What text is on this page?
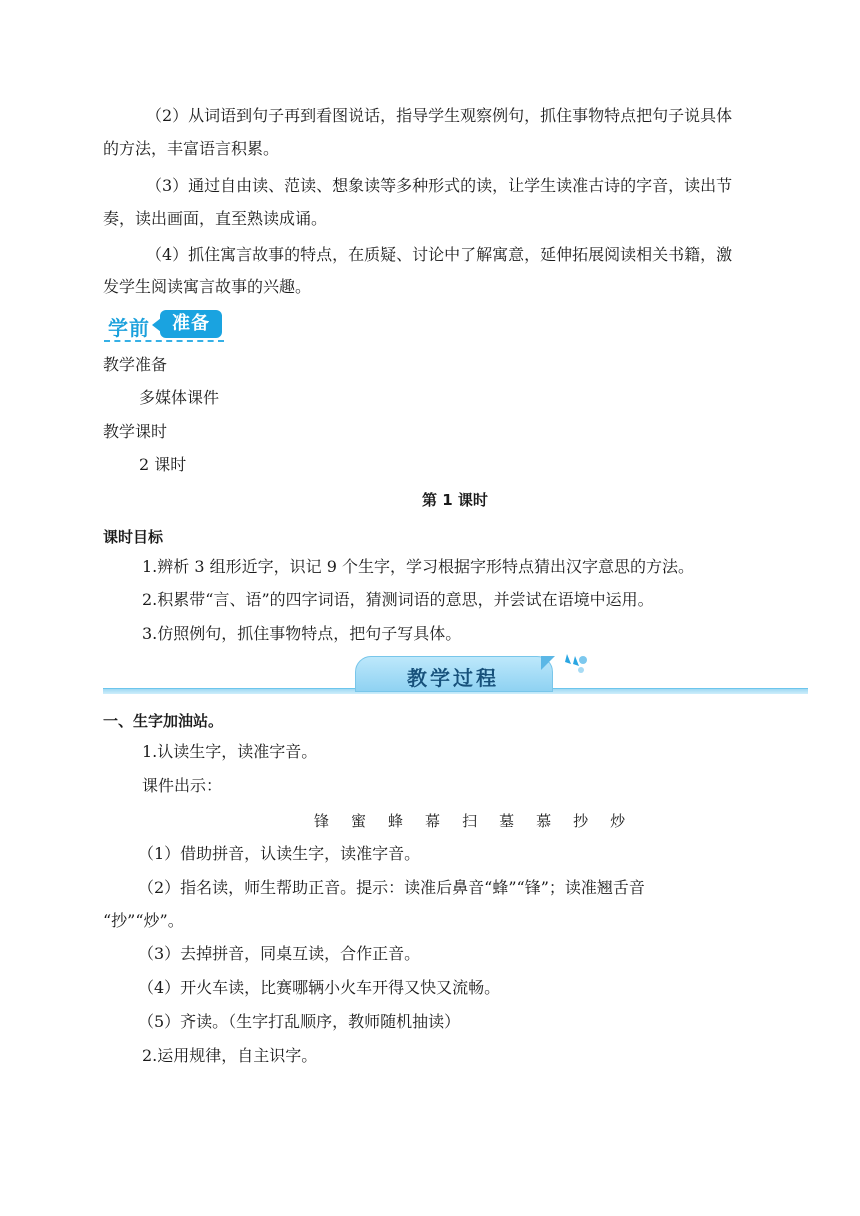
（2）从词语到句子再到看图说话，指导学生观察例句，抓住事物特点把句子说具体
的方法，丰富语言积累。
（3）通过自由读、范读、想象读等多种形式的读，让学生读准古诗的字音，读出节
奏，读出画面，直至熟读成诵。
（4）抓住寓言故事的特点，在质疑、讨论中了解寓意，延伸拓展阅读相关书籍，激
发学生阅读寓言故事的兴趣。
学前	准备
教学准备
多媒体课件
教学课时
2 课时
第 1 课时
课时目标
1.辨析 3 组形近字，识记 9 个生字，学习根据字形特点猜出汉字意思的方法。
2.积累带“言、语”的四字词语，猜测词语的意思，并尝试在语境中运用。
3.仿照例句，抓住事物特点，把句子写具体。
教学过程
一、生字加油站。
1.认读生字，读准字音。
课件出示：
锋 蜜 蜂 幕 扫 墓 慕 抄 炒
（1）借助拼音，认读生字，读准字音。
（2）指名读，师生帮助正音。提示：读准后鼻音“蜂”“锋”；读准翘舌音
“抄”“炒”。
（3）去掉拼音，同桌互读，合作正音。
（4）开火车读，比赛哪辆小火车开得又快又流畅。
（5）齐读。（生字打乱顺序，教师随机抽读）
2.运用规律，自主识字。
